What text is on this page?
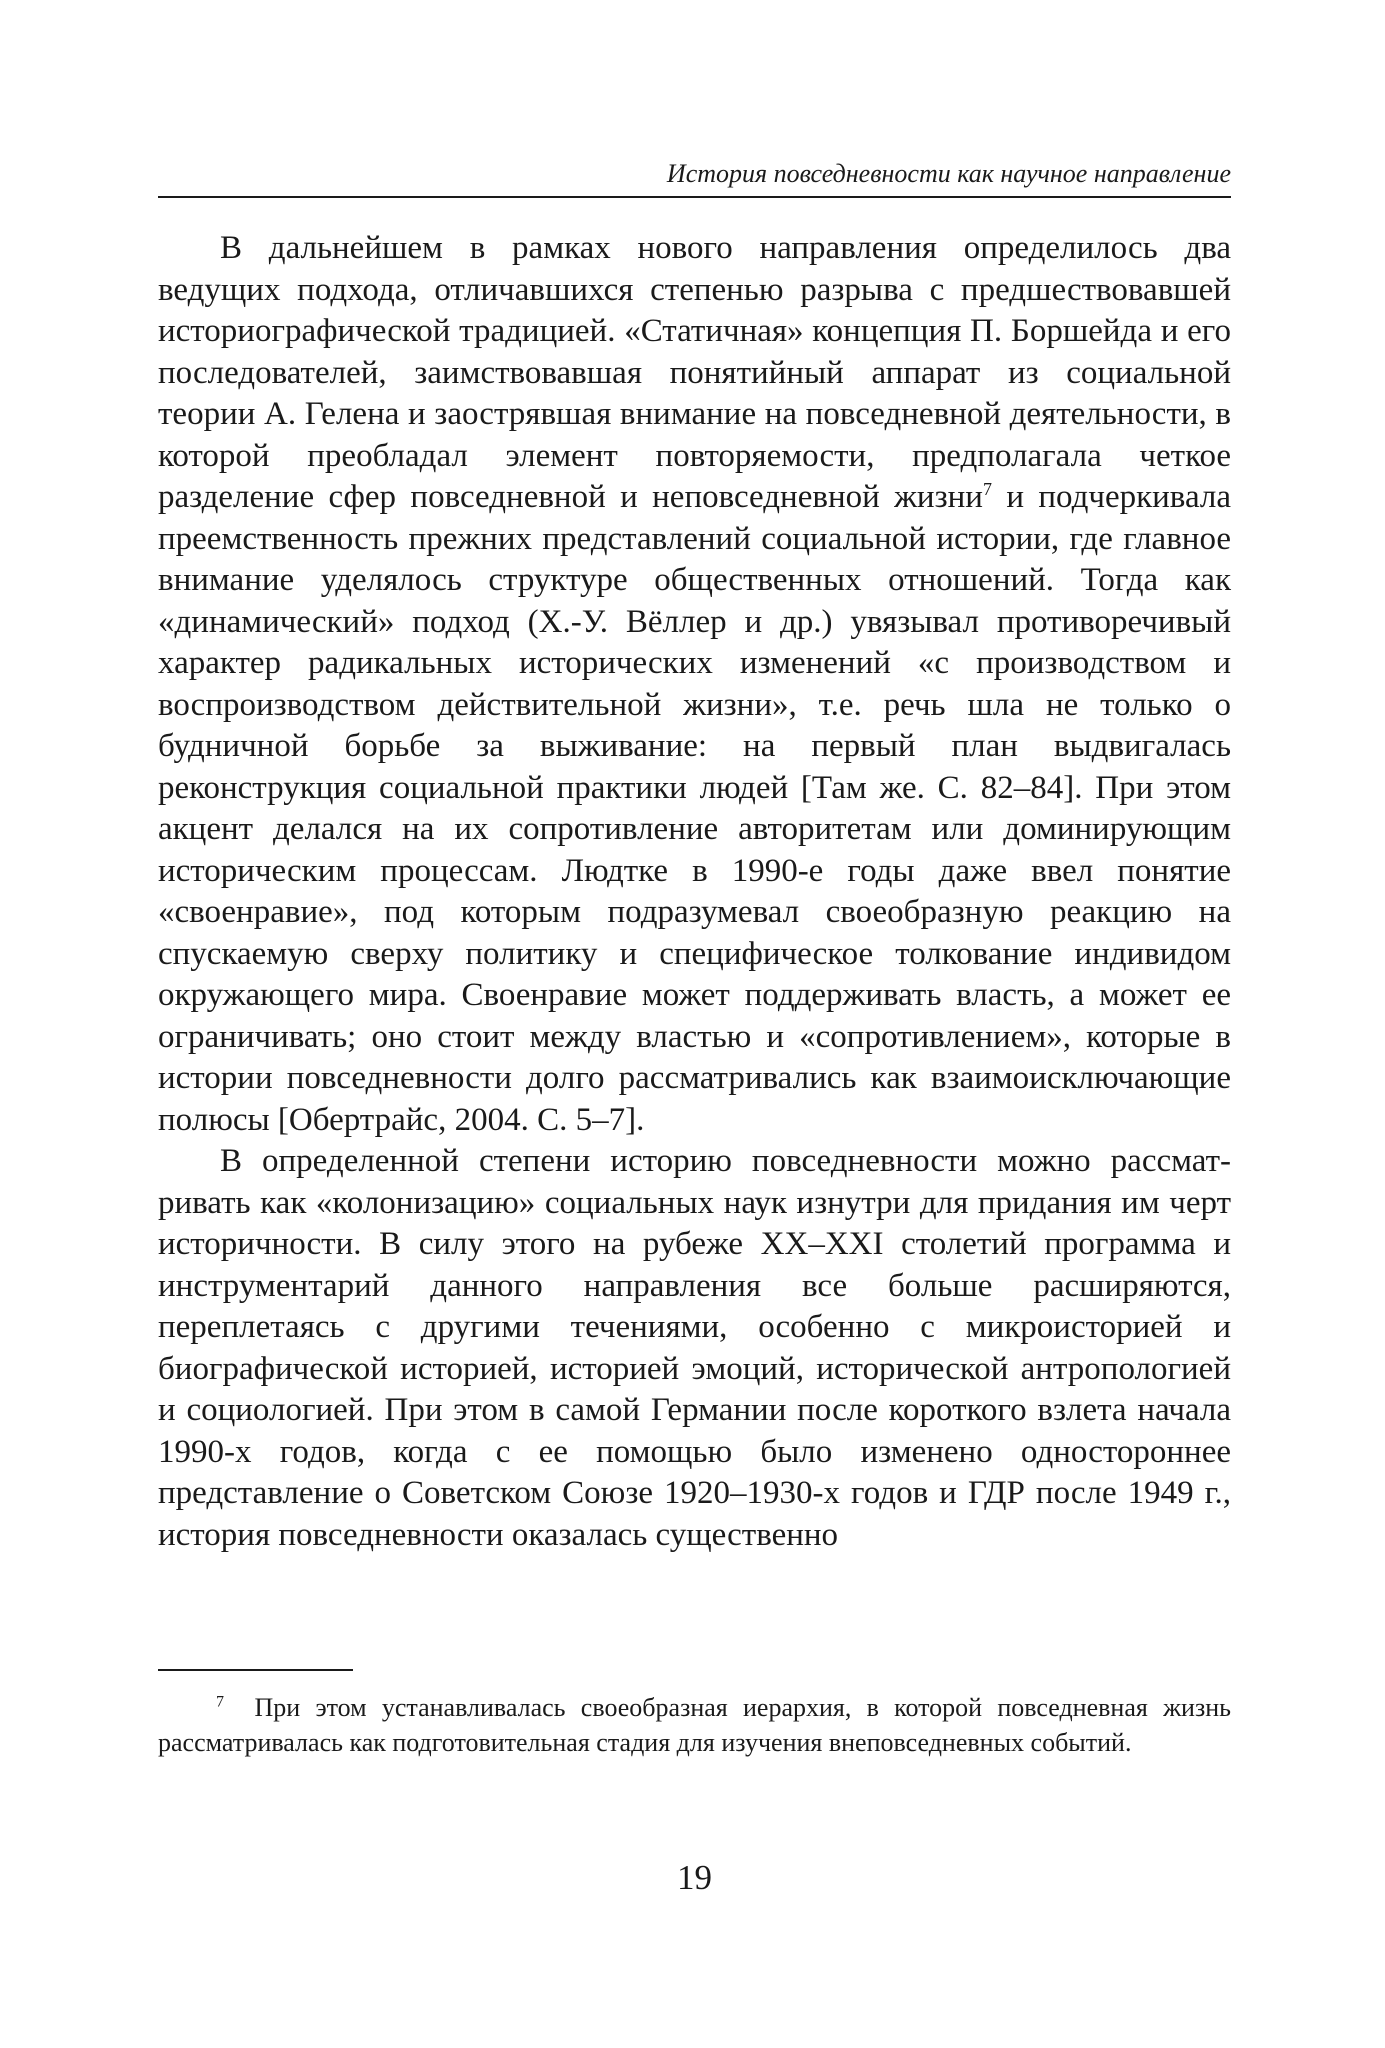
История повседневности как научное направление

В дальнейшем в рамках нового направления определилось два ведущих подхода, отличавшихся степенью разрыва с предшествовавшей историографической традицией. «Статичная» концепция П. Боршейда и его последователей, заимствовавшая понятийный аппарат из социальной теории А. Гелена и заострявшая внимание на повседневной деятельности, в которой преобладал элемент повторяемости, предполагала четкое разделение сфер повседневной и неповседневной жизни$^7$ и подчеркивала преемственность прежних представлений социальной истории, где главное внимание уделялось структуре общественных отношений. Тогда как «динамический» подход (Х.-У. Вёллер и др.) увязывал противоречивый характер радикальных исторических изменений «с производством и воспроизводством действительной жизни», т.е. речь шла не только о будничной борьбе за выживание: на первый план выдвигалась реконструкция социальной практики людей [Там же. С. 82–84]. При этом акцент делался на их сопротивление авторитетам или доминирующим историческим процессам. Людтке в 1990-е годы даже ввел понятие «своенравие», под которым подразумевал своеобразную реакцию на спускаемую сверху политику и специфическое толкование индивидом окружающего мира. Своенравие может поддерживать власть, а может ее ограничивать; оно стоит между властью и «сопротивлением», которые в истории повседневности долго рассматривались как взаимоисключающие полюсы [Обертрайс, 2004. С. 5–7].

В определенной степени историю повседневности можно рассматривать как «колонизацию» социальных наук изнутри для придания им черт историчности. В силу этого на рубеже XX–XXI столетий программа и инструментарий данного направления все больше расширяются, переплетаясь с другими течениями, особенно с микроисторией и биографической историей, историей эмоций, исторической антропологией и социологией. При этом в самой Германии после короткого взлета начала 1990-х годов, когда с ее помощью было изменено одностороннее представление о Советском Союзе 1920–1930-х годов и ГДР после 1949 г., история повседневности оказалась существенно

$^7$ При этом устанавливалась своеобразная иерархия, в которой повседневная жизнь рассматривалась как подготовительная стадия для изучения внеповседневных событий.

19
